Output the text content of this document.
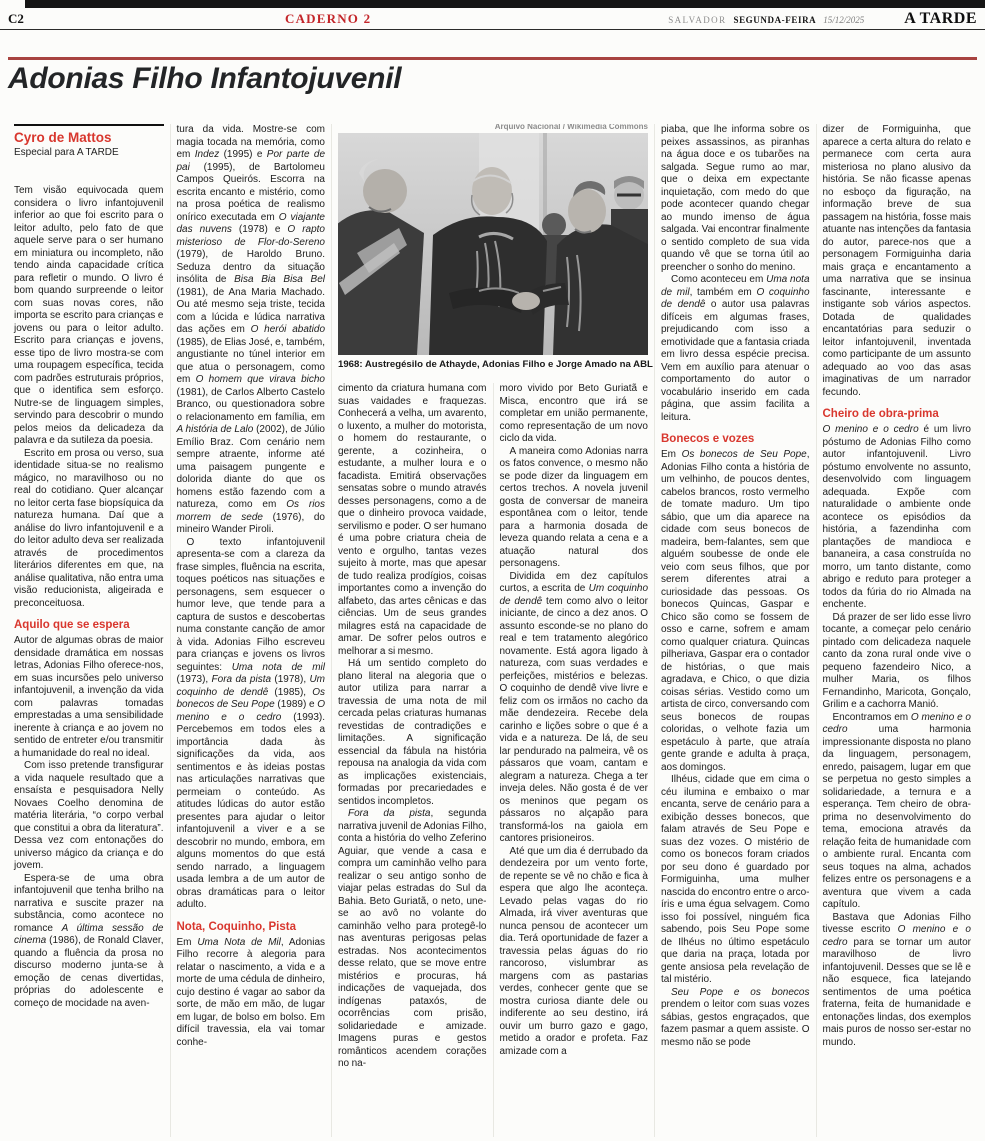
C2	CADERNO 2	SALVADOR SEGUNDA-FEIRA 15/12/2025	A TARDE
Adonias Filho Infantojuvenil
Cyro de Mattos
Especial para A TARDE

Tem visão equivocada quem considera o livro infantojuvenil inferior ao que foi escrito para o leitor adulto, pelo fato de que aquele serve para o ser humano em miniatura ou incompleto, não tendo ainda capacidade crítica para refletir o mundo. O livro é bom quando surpreende o leitor com suas novas cores, não importa se escrito para crianças e jovens ou para o leitor adulto. Escrito para crianças e jovens, esse tipo de livro mostra-se com uma roupagem específica, tecida com padrões estruturais próprios, que o identifica sem esforço. Nutre-se de linguagem simples, servindo para descobrir o mundo pelos meios da delicadeza da palavra e da sutileza da poesia.

Escrito em prosa ou verso, sua identidade situa-se no realismo mágico, no maravilhoso ou no real do cotidiano. Quer alcançar no leitor certa fase biopsíquica da natureza humana. Daí que a análise do livro infantojuvenil e a do leitor adulto deva ser realizada através de procedimentos literários diferentes em que, na análise qualitativa, não entra uma visão reducionista, aligeirada e preconceituosa.

Aquilo que se espera

Autor de algumas obras de maior densidade dramática em nossas letras, Adonias Filho oferece-nos, em suas incursões pelo universo infantojuvenil, a invenção da vida com palavras tomadas emprestadas a uma sensibilidade inerente à criança e ao jovem no sentido de entreter e/ou transmitir a humanidade do real no ideal.

Com isso pretende transfigurar a vida naquele resultado que a ensaísta e pesquisadora Nelly Novaes Coelho denomina de matéria literária, “o corpo verbal que constitui a obra da literatura”. Dessa vez com entonações do universo mágico da criança e do jovem.

Espera-se de uma obra infantojuvenil que tenha brilho na narrativa e suscite prazer na substância, como acontece no romance A última sessão de cinema (1986), de Ronald Claver, quando a fluência da prosa no discurso moderno junta-se à emoção de cenas divertidas, próprias do adolescente e começo de mocidade na aven-

tura da vida. Mostre-se com magia tocada na memória, como em Indez (1995) e Por parte de pai (1995), de Bartolomeu Campos Queirós. Escorra na escrita encanto e mistério, como na prosa poética de realismo onírico executada em O viajante das nuvens (1978) e O rapto misterioso de Flor-do-Sereno (1979), de Haroldo Bruno. Seduza dentro da situação insólita de Bisa Bia Bisa Bel (1981), de Ana Maria Machado. Ou até mesmo seja triste, tecida com a lúcida e lúdica narrativa das ações em O herói abatido (1985), de Elias José, e, também, angustiante no túnel interior em que atua o personagem, como em O homem que virava bicho (1981), de Carlos Alberto Castelo Branco, ou questionadora sobre o relacionamento em família, em A história de Lalo (2002), de Júlio Emílio Braz. Com cenário nem sempre atraente, informe até uma paisagem pungente e dolorida diante do que os homens estão fazendo com a natureza, como em Os rios morrem de sede (1976), do mineiro Wander Piroli.

O texto infantojuvenil apresenta-se com a clareza da frase simples, fluência na escrita, toques poéticos nas situações e personagens, sem esquecer o humor leve, que tende para a captura de sustos e descobertas numa constante canção de amor à vida. Adonias Filho escreveu para crianças e jovens os livros seguintes: Uma nota de mil (1973), Fora da pista (1978), Um coquinho de dendê (1985), Os bonecos de Seu Pope (1989) e O menino e o cedro (1993). Percebemos em todos eles a importância dada às significações da vida, aos sentimentos e às ideias postas nas articulações narrativas que permeiam o conteúdo. As atitudes lúdicas do autor estão presentes para ajudar o leitor infantojuvenil a viver e a se descobrir no mundo, embora, em alguns momentos do que está sendo narrado, a linguagem usada lembra a de um autor de obras dramáticas para o leitor adulto.

Nota, Coquinho, Pista

Em Uma Nota de Mil, Adonias Filho recorre à alegoria para relatar o nascimento, a vida e a morte de uma cédula de dinheiro, cujo destino é vagar ao sabor da sorte, de mão em mão, de lugar em lugar, de bolso em bolso. Em difícil travessia, ela vai tomar conhe-

Arquivo Nacional / Wikimedia Commons
1968: Austregésilo de Athayde, Adonias Filho e Jorge Amado na ABL

cimento da criatura humana com suas vaidades e fraquezas. Conhecerá a velha, um avarento, o luxento, a mulher do motorista, o homem do restaurante, o gerente, a cozinheira, o estudante, a mulher loura e o facadista. Emitirá observações sensatas sobre o mundo através desses personagens, como a de que o dinheiro provoca vaidade, servilismo e poder. O ser humano é uma pobre criatura cheia de vento e orgulho, tantas vezes sujeito à morte, mas que apesar de tudo realiza prodígios, coisas importantes como a invenção do alfabeto, das artes cênicas e das ciências. Um de seus grandes milagres está na capacidade de amar. De sofrer pelos outros e melhorar a si mesmo.

Há um sentido completo do plano literal na alegoria que o autor utiliza para narrar a travessia de uma nota de mil cercada pelas criaturas humanas revestidas de contradições e limitações. A significação essencial da fábula na história repousa na analogia da vida com as implicações existenciais, formadas por precariedades e sentidos incompletos.

Fora da pista, segunda narrativa juvenil de Adonias Filho, conta a história do velho Zeferino Aguiar, que vende a casa e compra um caminhão velho para realizar o seu antigo sonho de viajar pelas estradas do Sul da Bahia. Beto Guriatã, o neto, une-se ao avô no volante do caminhão velho para protegê-lo nas aventuras perigosas pelas estradas. Nos acontecimentos desse relato, que se move entre mistérios e procuras, há indicações de vaquejada, dos indígenas pataxós, de ocorrências com prisão, solidariedade e amizade. Imagens puras e gestos românticos acendem corações no na-

moro vivido por Beto Guriatã e Misca, encontro que irá se completar em união permanente, como representação de um novo ciclo da vida.

A maneira como Adonias narra os fatos convence, o mesmo não se pode dizer da linguagem em certos trechos. A novela juvenil gosta de conversar de maneira espontânea com o leitor, tende para a harmonia dosada de leveza quando relata a cena e a atuação natural dos personagens.

Dividida em dez capítulos curtos, a escrita de Um coquinho de dendê tem como alvo o leitor iniciante, de cinco a dez anos. O assunto esconde-se no plano do real e tem tratamento alegórico novamente. Está agora ligado à natureza, com suas verdades e perfeições, mistérios e belezas. O coquinho de dendê vive livre e feliz com os irmãos no cacho da mãe dendezeira. Recebe dela carinho e lições sobre o que é a vida e a natureza. De lá, de seu lar pendurado na palmeira, vê os pássaros que voam, cantam e alegram a natureza. Chega a ter inveja deles. Não gosta é de ver os meninos que pegam os pássaros no alçapão para transformá-los na gaiola em cantores prisioneiros.

Até que um dia é derrubado da dendezeira por um vento forte, de repente se vê no chão e fica à espera que algo lhe aconteça. Levado pelas vagas do rio Almada, irá viver aventuras que nunca pensou de acontecer um dia. Terá oportunidade de fazer a travessia pelas águas do rio rancoroso, vislumbrar as margens com as pastarias verdes, conhecer gente que se mostra curiosa diante dele ou indiferente ao seu destino, irá ouvir um burro gazo e gago, metido a orador e profeta. Faz amizade com a

piaba, que lhe informa sobre os peixes assassinos, as piranhas na água doce e os tubarões na salgada. Segue rumo ao mar, que o deixa em expectante inquietação, com medo do que pode acontecer quando chegar ao mundo imenso de água salgada. Vai encontrar finalmente o sentido completo de sua vida quando vê que se torna útil ao preencher o sonho do menino.

Como aconteceu em Uma nota de mil, também em O coquinho de dendê o autor usa palavras difíceis em algumas frases, prejudicando com isso a emotividade que a fantasia criada em livro dessa espécie precisa. Vem em auxílio para atenuar o comportamento do autor o vocabulário inserido em cada página, que assim facilita a leitura.

Bonecos e vozes

Em Os bonecos de Seu Pope, Adonias Filho conta a história de um velhinho, de poucos dentes, cabelos brancos, rosto vermelho de tomate maduro. Um tipo sábio, que um dia aparece na cidade com seus bonecos de madeira, bem-falantes, sem que alguém soubesse de onde ele veio com seus filhos, que por serem diferentes atrai a curiosidade das pessoas. Os bonecos Quincas, Gaspar e Chico são como se fossem de osso e carne, sofrem e amam como qualquer criatura. Quincas pilheriava, Gaspar era o contador de histórias, o que mais agradava, e Chico, o que dizia coisas sérias. Vestido como um artista de circo, conversando com seus bonecos de roupas coloridas, o velhote fazia um espetáculo à parte, que atraía gente grande e adulta à praça, aos domingos.

Ilhéus, cidade que em cima o céu ilumina e embaixo o mar encanta, serve de cenário para a exibição desses bonecos, que falam através de Seu Pope e suas dez vozes. O mistério de como os bonecos foram criados por seu dono é guardado por Formiguinha, uma mulher nascida do encontro entre o arco-íris e uma égua selvagem. Como isso foi possível, ninguém fica sabendo, pois Seu Pope some de Ilhéus no último espetáculo que daria na praça, lotada por gente ansiosa pela revelação de tal mistério.

Seu Pope e os bonecos prendem o leitor com suas vozes sábias, gestos engraçados, que fazem pasmar a quem assiste. O mesmo não se pode

dizer de Formiguinha, que aparece a certa altura do relato e permanece com certa aura misteriosa no plano alusivo da história. Se não ficasse apenas no esboço da figuração, na informação breve de sua passagem na história, fosse mais atuante nas intenções da fantasia do autor, parece-nos que a personagem Formiguinha daria mais graça e encantamento a uma narrativa que se insinua fascinante, interessante e instigante sob vários aspectos. Dotada de qualidades encantatórias para seduzir o leitor infantojuvenil, inventada como participante de um assunto adequado ao voo das asas imaginativas de um narrador fecundo.

Cheiro de obra-prima

O menino e o cedro é um livro póstumo de Adonias Filho como autor infantojuvenil. Livro póstumo envolvente no assunto, desenvolvido com linguagem adequada. Expõe com naturalidade o ambiente onde acontece os episódios da história, a fazendinha com plantações de mandioca e bananeira, a casa construída no morro, um tanto distante, como abrigo e reduto para proteger a todos da fúria do rio Almada na enchente.

Dá prazer de ser lido esse livro tocante, a começar pelo cenário pintado com delicadeza naquele canto da zona rural onde vive o pequeno fazendeiro Nico, a mulher Maria, os filhos Fernandinho, Maricota, Gonçalo, Grilim e a cachorra Manió.

Encontramos em O menino e o cedro uma harmonia impressionante disposta no plano da linguagem, personagem, enredo, paisagem, lugar em que se perpetua no gesto simples a solidariedade, a ternura e a esperança. Tem cheiro de obra-prima no desenvolvimento do tema, emociona através da relação feita de humanidade com o ambiente rural. Encanta com seus toques na alma, achados felizes entre os personagens e a aventura que vivem a cada capítulo.

Bastava que Adonias Filho tivesse escrito O menino e o cedro para se tornar um autor maravilhoso de livro infantojuvenil. Desses que se lê e não esquece, fica latejando sentimentos de uma poética fraterna, feita de humanidade e entonações lindas, dos exemplos mais puros de nosso ser-estar no mundo.
